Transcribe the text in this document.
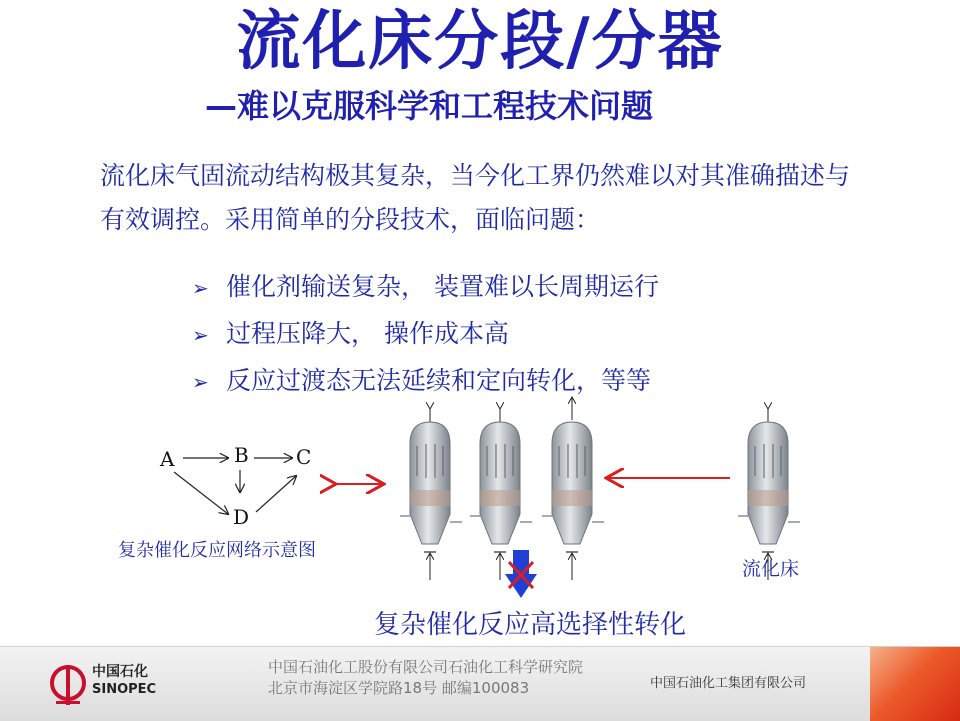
流化床分段/分器
—难以克服科学和工程技术问题
流化床气固流动结构极其复杂，当今化工界仍然难以对其准确描述与
有效调控。采用简单的分段技术，面临问题：
➢ 催化剂输送复杂， 装置难以长周期运行
➢ 过程压降大， 操作成本高
➢ 反应过渡态无法延续和定向转化，等等
A	B C
D
复杂催化反应网络示意图
流化床
复杂催化反应高选择性转化
中国石化
SINOPEC
中国石油化工股份有限公司石油化工科学研究院
北京市海淀区学院路18号 邮编100083	中国石油化工集团有限公司
